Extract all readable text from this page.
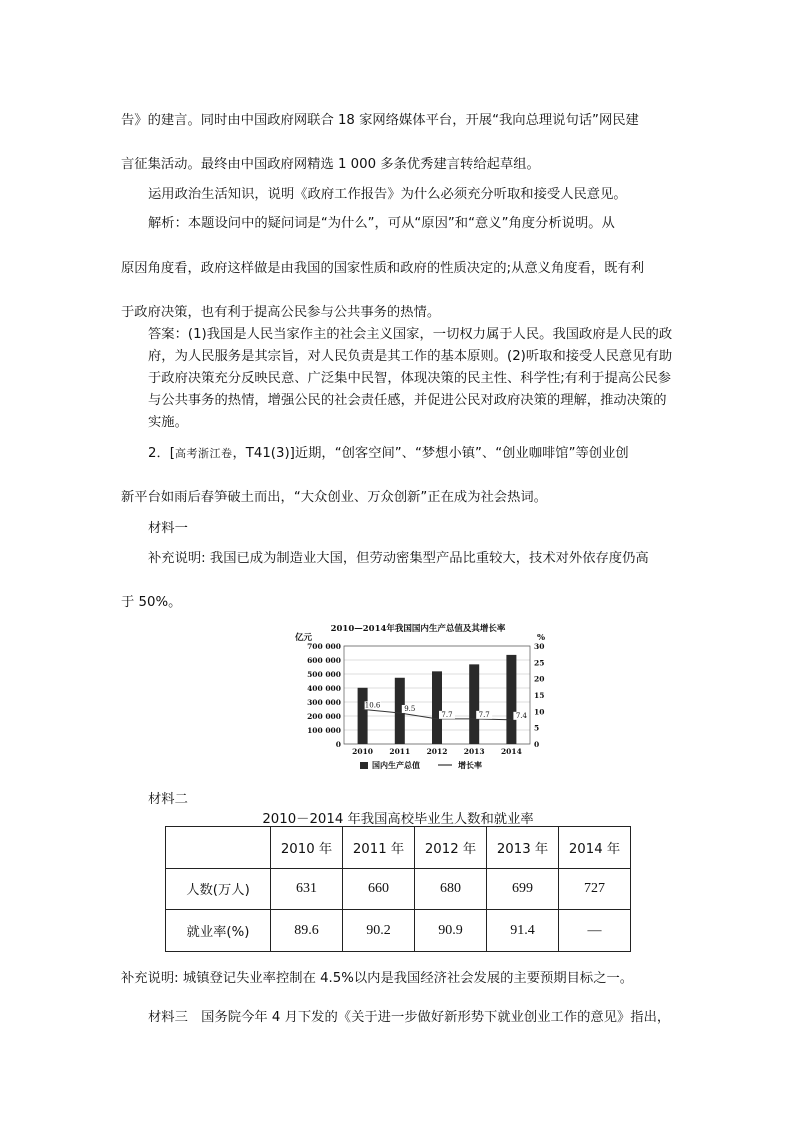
告》的建言。同时由中国政府网联合 18 家网络媒体平台，开展“我向总理说句话”网民建
言征集活动。最终由中国政府网精选 1 000 多条优秀建言转给起草组。
运用政治生活知识，说明《政府工作报告》为什么必须充分听取和接受人民意见。
解析：本题设问中的疑问词是“为什么”，可从“原因”和“意义”角度分析说明。从
原因角度看，政府这样做是由我国的国家性质和政府的性质决定的;从意义角度看，既有利
于政府决策，也有利于提高公民参与公共事务的热情。
答案：(1)我国是人民当家作主的社会主义国家，一切权力属于人民。我国政府是人民的政府，为人民服务是其宗旨，对人民负责是其工作的基本原则。(2)听取和接受人民意见有助于政府决策充分反映民意、广泛集中民智，体现决策的民主性、科学性;有利于提高公民参与公共事务的热情，增强公民的社会责任感，并促进公民对政府决策的理解，推动决策的实施。
2．[高考浙江卷，T41(3)]近期，“创客空间”、“梦想小镇”、“创业咖啡馆”等创业创
新平台如雨后春笋破土而出，“大众创业、万众创新”正在成为社会热词。
材料一
补充说明: 我国已成为制造业大国，但劳动密集型产品比重较大，技术对外依存度仍高
于 50%。
2010—2014年我国国内生产总值及其增长率
亿元	%
0
100 000
200 000
300 000
400 000
500 000
600 000
700 000
0
5
10
15
20
25
30
2010 2011 2012 2013 2014
10.6	9.5
7.7	7.7	7.4
国内生产总值	增长率
材料二
2010－2014 年我国高校毕业生人数和就业率
	2010 年	2011 年	2012 年	2013 年	2014 年
人数(万人)	631	660	680	699	727
就业率(%)	89.6	90.2	90.9	91.4	—
补充说明: 城镇登记失业率控制在 4.5%以内是我国经济社会发展的主要预期目标之一。
材料三　国务院今年 4 月下发的《关于进一步做好新形势下就业创业工作的意见》指出，
